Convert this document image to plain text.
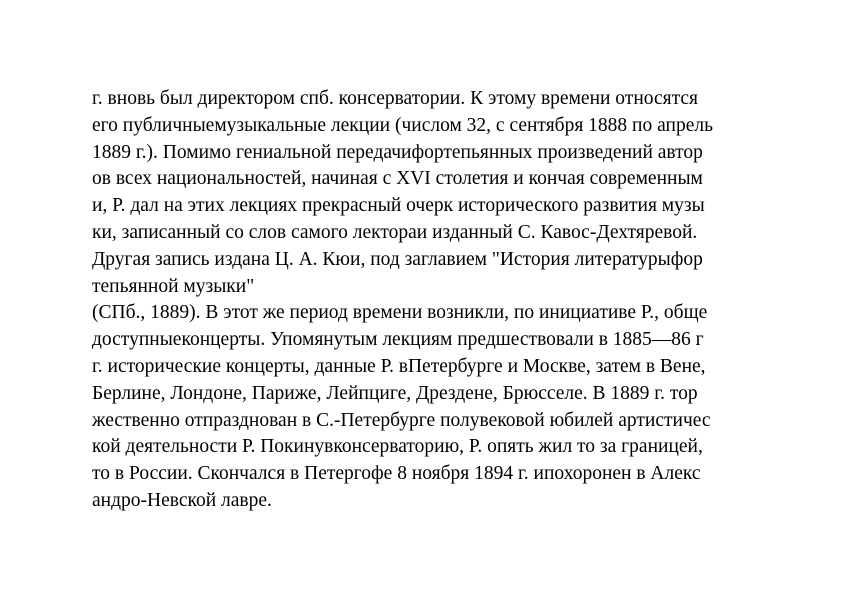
г. вновь был директором спб. консерватории. К этому времени относятся
его публичныемузыкальные лекции (числом 32, с сентября 1888 по апрель
1889 г.). Помимо гениальной передачифортепьянных произведений автор
ов всех национальностей, начиная с XVI столетия и кончая современным
и, Р. дал на этих лекциях прекрасный очерк исторического развития музы
ки, записанный со слов самого лектораи изданный С. Кавос-Дехтяревой.
Другая запись издана Ц. А. Кюи, под заглавием "История литературыфор
тепьянной музыки"
(СПб., 1889). В этот же период времени возникли, по инициативе Р., обще
доступныеконцерты. Упомянутым лекциям предшествовали в 1885—86 г
г. исторические концерты, данные Р. вПетербурге и Москве, затем в Вене,
Берлине, Лондоне, Париже, Лейпциге, Дрездене, Брюсселе. В 1889 г. тор
жественно отпразднован в С.-Петербурге полувековой юбилей артистичес
кой деятельности Р. Покинувконсерваторию, Р. опять жил то за границей,
то в России. Скончался в Петергофе 8 ноября 1894 г. ипохоронен в Алекс
андро-Невской лавре.
